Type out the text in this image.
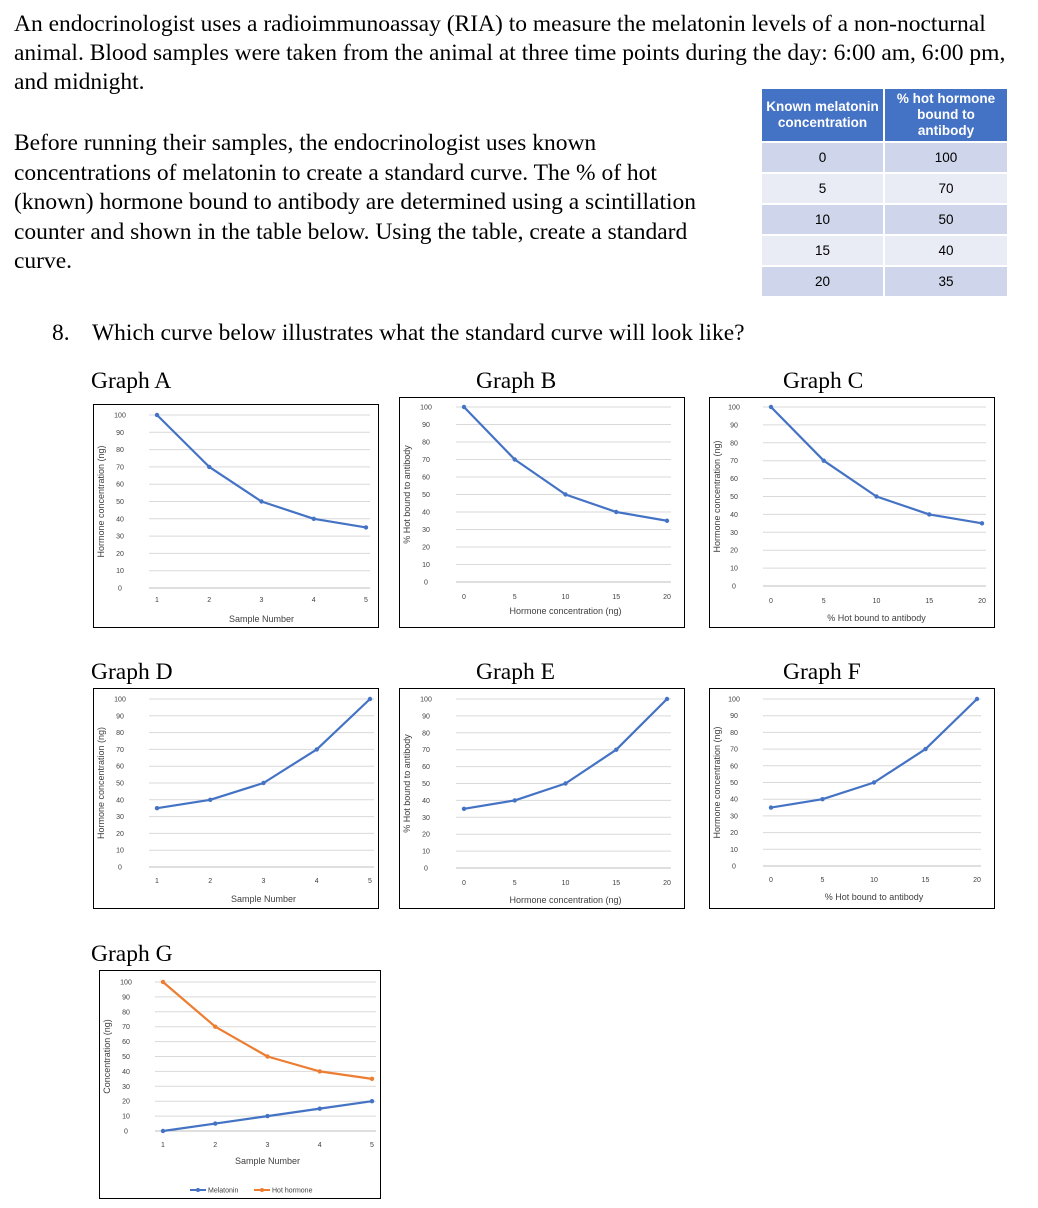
An endocrinologist uses a radioimmunoassay (RIA) to measure the melatonin levels of a non-nocturnal animal. Blood samples were taken from the animal at three time points during the day: 6:00 am, 6:00 pm, and midnight.

Before running their samples, the endocrinologist uses known concentrations of melatonin to create a standard curve. The % of hot (known) hormone bound to antibody are determined using a scintillation counter and shown in the table below. Using the table, create a standard curve.

Known melatonin concentration	% hot hormone bound to antibody
0	100
5	70
10	50
15	40
20	35

8. Which curve below illustrates what the standard curve will look like?

Graph A	Graph B	Graph C

Graph D	Graph E	Graph F

Graph G

0
10
20
30
40
50
60
70
80
90
100
1	2	3	4	5
Sample Number
Hormone concentration (ng)
0
10
20
30
40
50
60
70
80
90
100
0	5	10	15	20
Hormone concentration (ng)
% Hot bound to antibody
0
10
20
30
40
50
60
70
80
90
100
0	5	10	15	20
% Hot bound to antibody
Hormone concentration (ng)
0
10
20
30
40
50
60
70
80
90
100
1	2	3	4	5
Sample Number
Hormone concentration (ng)
0
10
20
30
40
50
60
70
80
90
100
0	5	10	15	20
Hormone concentration (ng)
% Hot bound to antibody
0
10
20
30
40
50
60
70
80
90
100
0	5	10	15	20
% Hot bound to antibody
Hormone concentration (ng)
0
10
20
30
40
50
60
70
80
90
100
1	2	3	4	5
Sample Number
Concentration (ng)
Melatonin	Hot hormone
